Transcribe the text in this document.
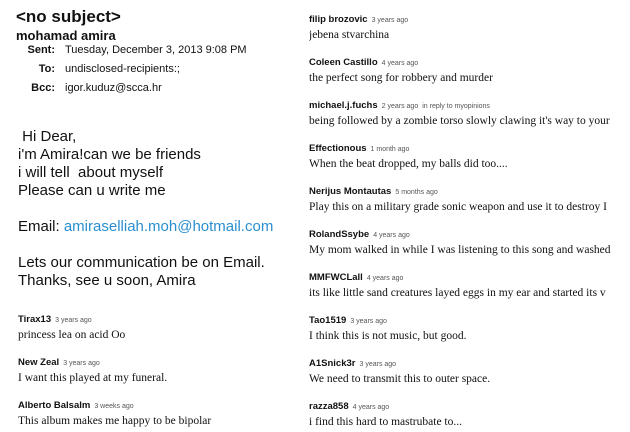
<no subject>
mohamad amira
Sent: Tuesday, December 3, 2013 9:08 PM
To: undisclosed-recipients:;
Bcc: igor.kuduz@scca.hr
Hi Dear,
i'm Amira!can we be friends
i will tell  about myself
Please can u write me
Email: amiraselliah.moh@hotmail.com
Lets our communication be on Email.
Thanks, see u soon, Amira
Tirax13 3 years ago
princess lea on acid Oo
New Zeal 3 years ago
I want this played at my funeral.
Alberto Balsalm 3 weeks ago
This album makes me happy to be bipolar
filip brozovic 3 years ago
jebena stvarchina
Coleen Castillo 4 years ago
the perfect song for robbery and murder
michael.j.fuchs 2 years ago in reply to myopinions
being followed by a zombie torso slowly clawing it's way to your
Effectionous 1 month ago
When the beat dropped, my balls did too....
Nerijus Montautas 5 months ago
Play this on a military grade sonic weapon and use it to destroy I
RolandSsybe 4 years ago
My mom walked in while I was listening to this song and washed
MMFWCLall 4 years ago
its like little sand creatures layed eggs in my ear and started its v
Tao1519 3 years ago
I think this is not music, but good.
A1Snick3r 3 years ago
We need to transmit this to outer space.
razza858 4 years ago
i find this hard to mastrubate to...
